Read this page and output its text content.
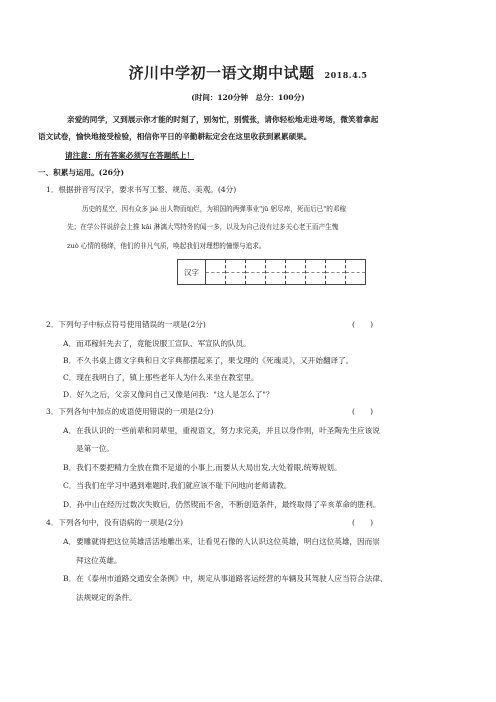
济川中学初一语文期中试题 2018.4.5
(时间：120分钟　总分：100分)
亲爱的同学，又到展示你才能的时刻了，别匆忙，别慌张，请你轻松地走进考场，微笑着拿起
语文试卷，愉快地接受检验，相信你平日的辛勤耕耘定会在这里收获到累累硕果。
请注意：所有答案必须写在答题纸上！
一、积累与运用。(26分)
1．根据拼音写汉字，要求书写工整、规范、美观。(4分)
历史的星空，因有众多 jié 出人物而灿烂，为祖国的两弹事业"jū 躬尽瘁，死而后已"的邓稼
先；在学公祥说辞会上推 kǎi 淋漓大骂特务的闻一多，以及为自己没有过多关心老王而产生愧
zuò 心情的杨绛，他们的非凡气质，唤起我们对理想的憧憬与追求。
汉字
2．下列句子中标点符号使用错误的一项是(2分)	(　　)
A．而邓稼轩先去了，竟能说服工宣队、军宣队的队员。
B．不久书桌上德文字典和日文字典都摆起来了，果戈理的《死魂灵》，又开始翻译了。
C．现在我明白了，镇上那些老年人为什么来坐在教室里。
D．好久之后，父亲又像问自己又像是问我："这人是怎么了"？
3．下列各句中加点的成语使用错误的一项是(2分)	(　　)
A．在我认识的一些前辈和同辈里，重视语文，努力求完美，并且以身作则，叶圣陶先生应该说
是第一位。
B．我们不要把精力全放在微不足道的小事上,而要从大局出发,大处着眼,统筹规划。
C．当我们在学习中遇到难题时,我们就应该不耻下问地向老师请教。
D．孙中山在经历过数次失败后，仍然锲而不舍，不断创造条件，最终取得了辛亥革命的胜利。
4．下列各句中，没有语病的一项是(2分)	(　　)
A．要雕就得把这位英雄活活地雕出来，让看见石像的人认识这位英雄，明白这位英雄，因而崇
拜这位英雄。
B．在《泰州市道路交通安全条例》中，规定从事道路客运经营的车辆及其驾驶人应当符合法律、
法规规定的条件。
